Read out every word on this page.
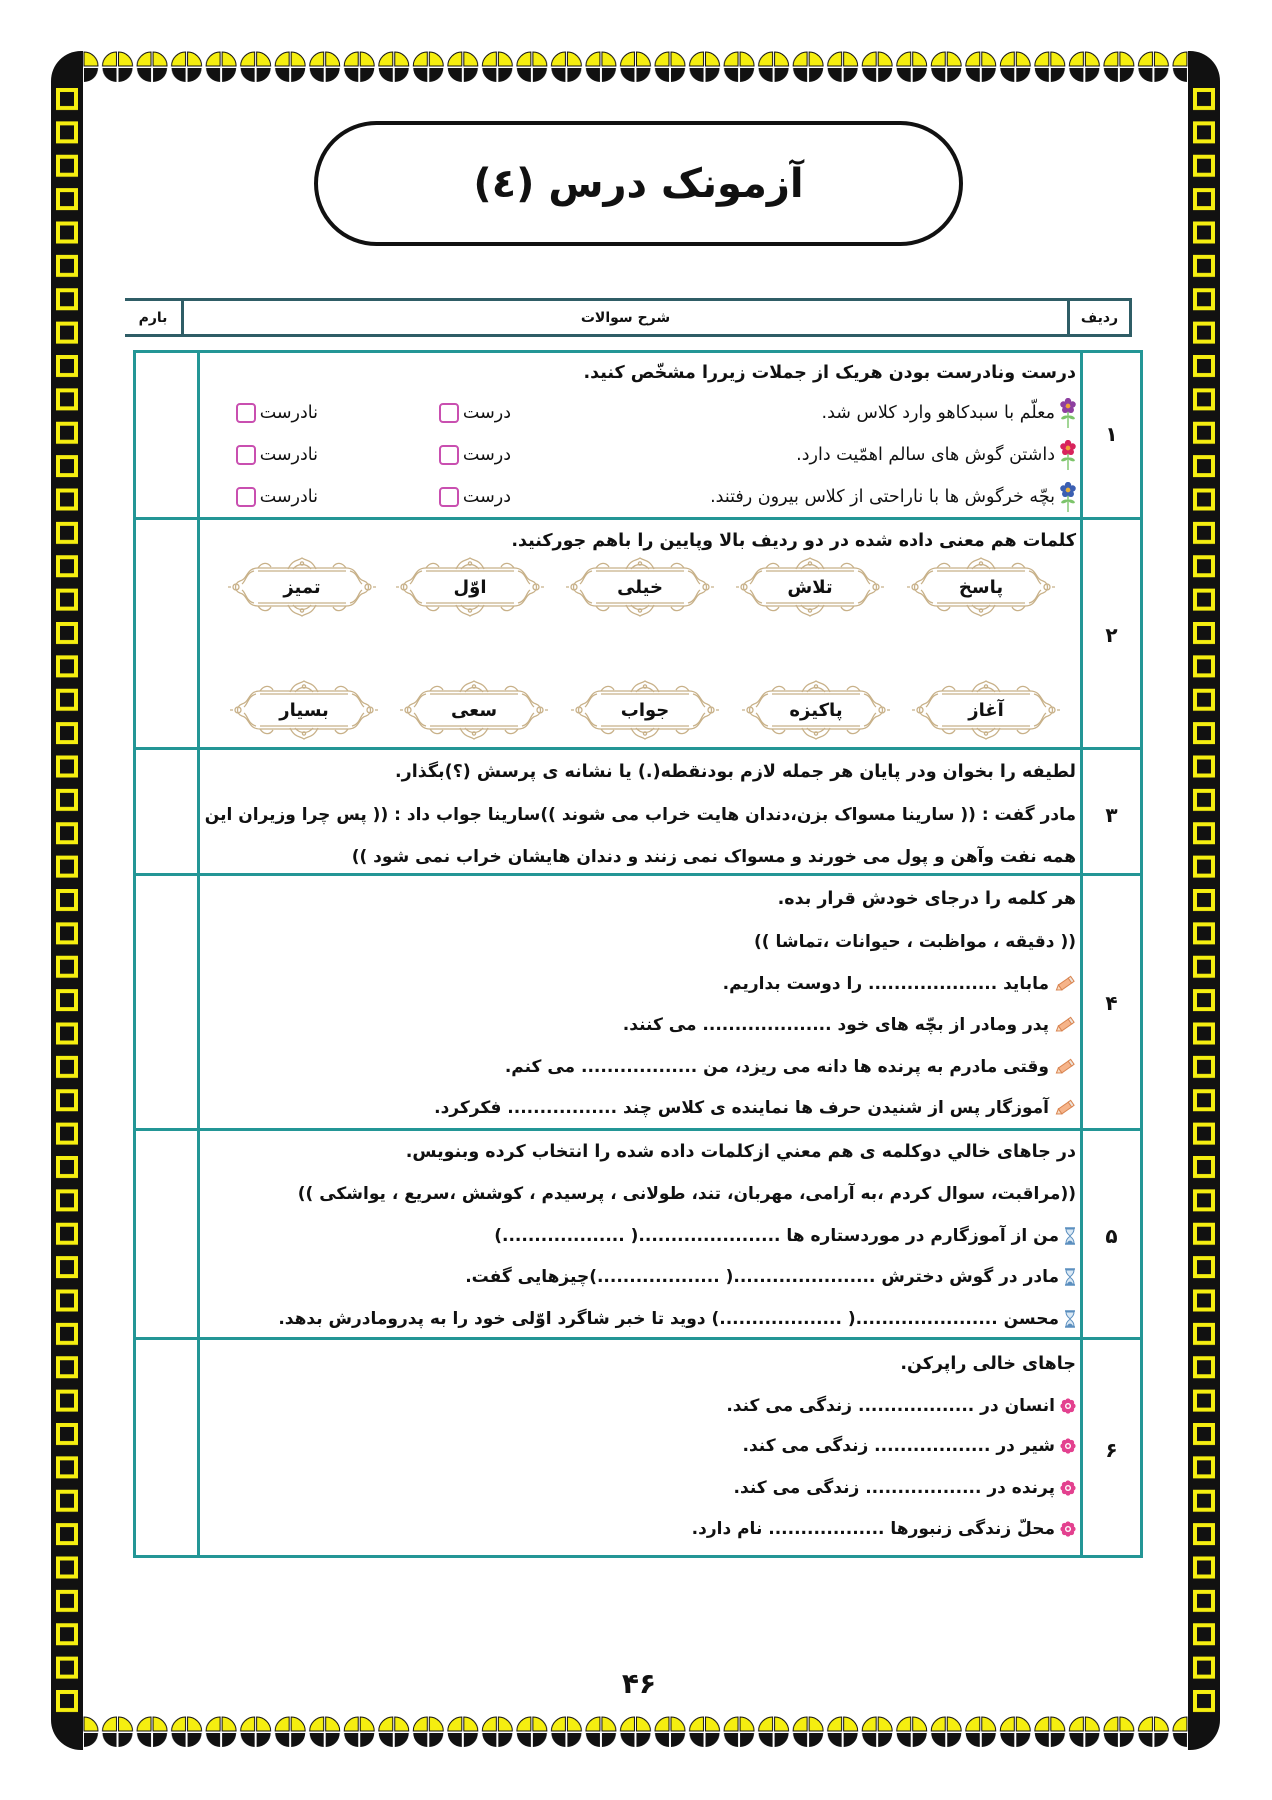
آزمونک درس (٤)
بارم	شرح سوالات	ردیف
۱
درست ونادرست بودن هریک از جملات زیررا مشخّص کنید.
معلّم با سبدکاهو وارد کلاس شد.
درست
نادرست
داشتن گوش های سالم اهمّیت دارد.
درست
نادرست
بچّه خرگوش ها با ناراحتی از کلاس بیرون رفتند.
درست
نادرست
۲
کلمات هم معنی داده شده در دو ردیف بالا وپایین را باهم جورکنید.
پاسخ
تلاش
خیلی
اوّل
تمیز
آغاز
پاکیزه
جواب
سعی
بسیار
۳
لطیفه را بخوان ودر پایان هر جمله لازم بودنقطه(.) یا نشانه ی پرسش (؟)بگذار.
مادر گفت : (( سارینا مسواک بزن،دندان هایت خراب می شوند ))سارینا جواب داد : (( پس چرا وزیران این
همه نفت وآهن و پول می خورند و مسواک نمی زنند و دندان هایشان خراب نمی شود ))
۴
هر کلمه را درجای خودش قرار بده.
(( دقیقه ، مواظبت ، حیوانات ،تماشا ))
ماباید .................... را دوست بداریم.
پدر ومادر از بچّه های خود .................... می کنند.
وقتی مادرم به پرنده ها دانه می ریزد، من .................. می کنم.
آموزگار پس از شنیدن حرف ها نماینده ی کلاس چند ................. فکرکرد.
۵
در جاهای خالي دوكلمه ی هم معني ازكلمات داده شده را انتخاب كرده وبنويس.
((مراقبت، سوال کردم ،به آرامی، مهربان، تند، طولانی ، پرسیدم ، کوشش ،سریع ، یواشکی ))
من از آموزگارم در موردستاره ها ......................( ...................)
مادر در گوش دخترش ......................( ...................)چیزهایی گفت.
محسن ......................( ...................) دوید تا خبر شاگرد اوّلی خود را به پدرومادرش بدهد.
۶
جاهای خالی راپرکن.
انسان در .................. زندگی می کند.
شیر در .................. زندگی می کند.
پرنده در .................. زندگی می کند.
محلّ زندگی زنبورها .................. نام دارد.
۴۶
